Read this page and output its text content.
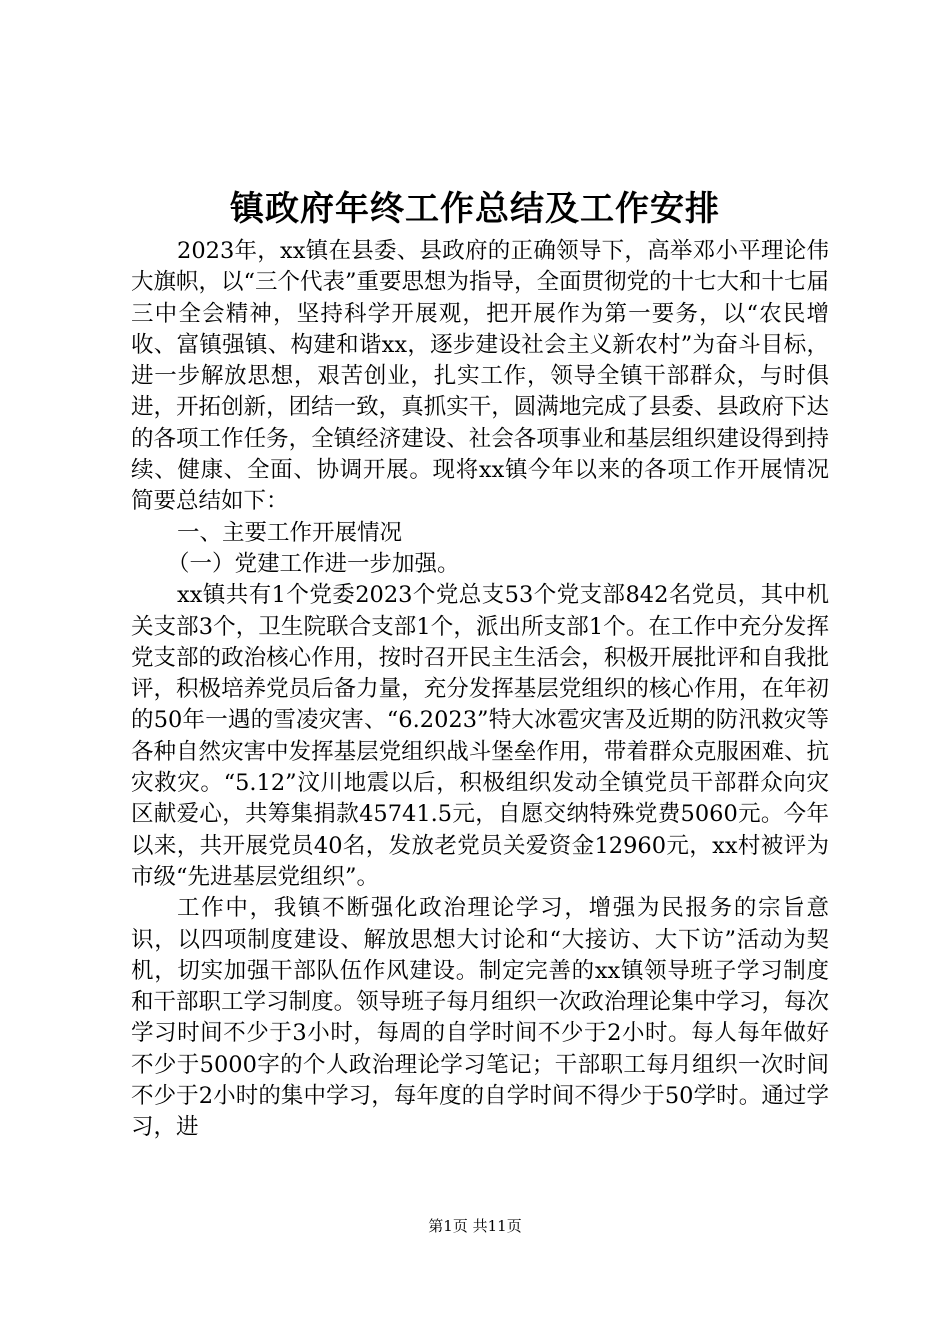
镇政府年终工作总结及工作安排

2023年，xx镇在县委、县政府的正确领导下，高举邓小平理论伟大旗帜，以“三个代表”重要思想为指导，全面贯彻党的十七大和十七届三中全会精神，坚持科学开展观，把开展作为第一要务，以“农民增收、富镇强镇、构建和谐xx，逐步建设社会主义新农村”为奋斗目标，进一步解放思想，艰苦创业，扎实工作，领导全镇干部群众，与时俱进，开拓创新，团结一致，真抓实干，圆满地完成了县委、县政府下达的各项工作任务，全镇经济建设、社会各项事业和基层组织建设得到持续、健康、全面、协调开展。现将xx镇今年以来的各项工作开展情况简要总结如下：

一、主要工作开展情况

（一）党建工作进一步加强。

xx镇共有1个党委2023个党总支53个党支部842名党员，其中机关支部3个，卫生院联合支部1个，派出所支部1个。在工作中充分发挥党支部的政治核心作用，按时召开民主生活会，积极开展批评和自我批评，积极培养党员后备力量，充分发挥基层党组织的核心作用，在年初的50年一遇的雪凌灾害、“6.2023”特大冰雹灾害及近期的防汛救灾等各种自然灾害中发挥基层党组织战斗堡垒作用，带着群众克服困难、抗灾救灾。“5.12”汶川地震以后，积极组织发动全镇党员干部群众向灾区献爱心，共筹集捐款45741.5元，自愿交纳特殊党费5060元。今年以来，共开展党员40名，发放老党员关爱资金12960元，xx村被评为市级“先进基层党组织”。

工作中，我镇不断强化政治理论学习，增强为民报务的宗旨意识，以四项制度建设、解放思想大讨论和“大接访、大下访”活动为契机，切实加强干部队伍作风建设。制定完善的xx镇领导班子学习制度和干部职工学习制度。领导班子每月组织一次政治理论集中学习，每次学习时间不少于3小时，每周的自学时间不少于2小时。每人每年做好不少于5000字的个人政治理论学习笔记；干部职工每月组织一次时间不少于2小时的集中学习，每年度的自学时间不得少于50学时。通过学习，进

第1页 共11页
